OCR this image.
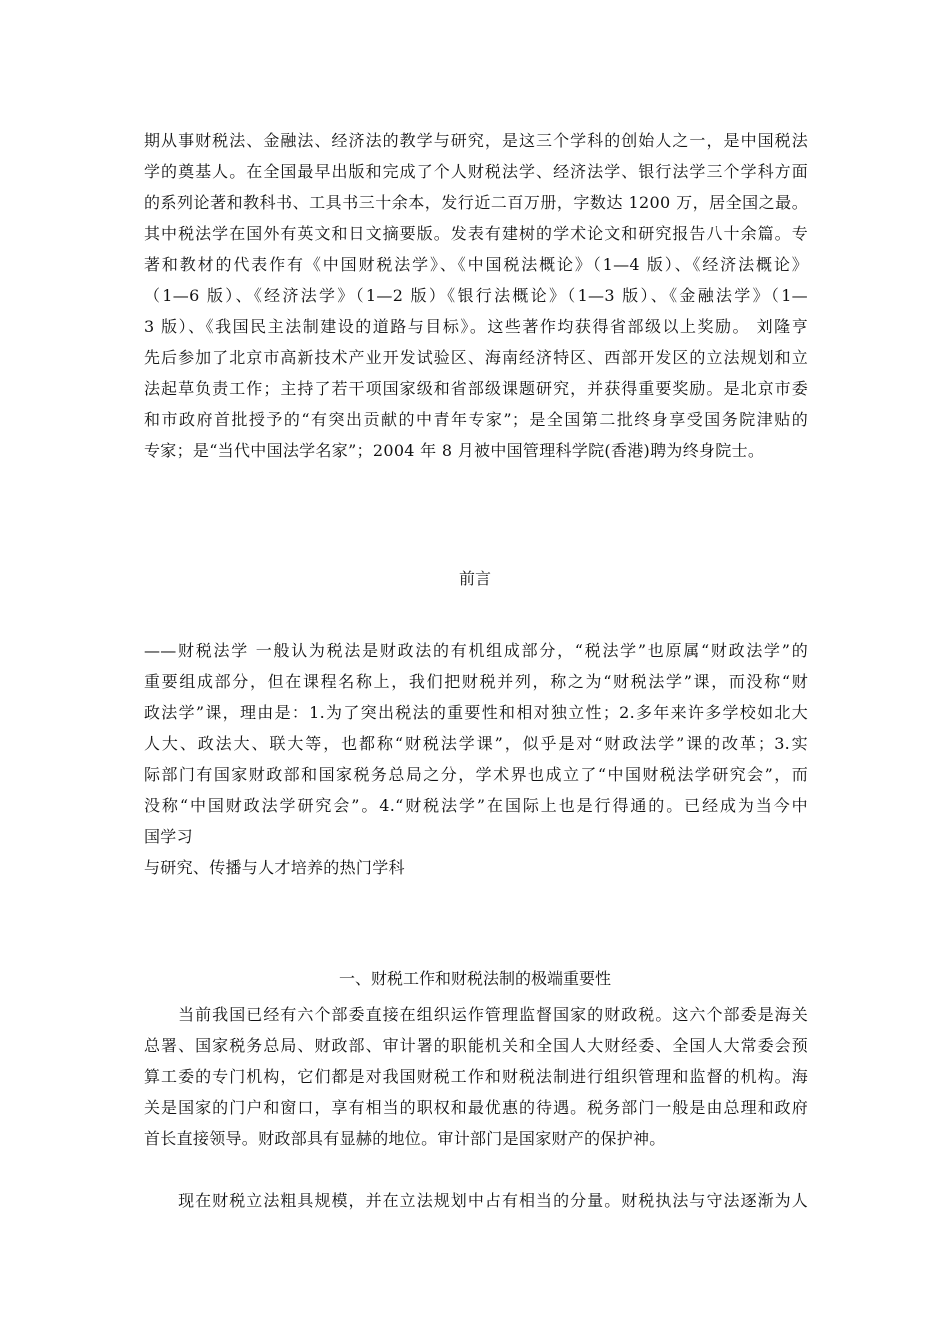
期从事财税法、金融法、经济法的教学与研究，是这三个学科的创始人之一，是中国税法
学的奠基人。在全国最早出版和完成了个人财税法学、经济法学、银行法学三个学科方面
的系列论著和教科书、工具书三十余本，发行近二百万册，字数达 1200 万，居全国之最。
其中税法学在国外有英文和日文摘要版。发表有建树的学术论文和研究报告八十余篇。专
著和教材的代表作有《中国财税法学》、《中国税法概论》（1—4 版）、《经济法概论》
（1—6 版）、《经济法学》（1—2 版）《银行法概论》（1—3 版）、《金融法学》（1—
3 版）、《我国民主法制建设的道路与目标》。这些著作均获得省部级以上奖励。 刘隆亨
先后参加了北京市高新技术产业开发试验区、海南经济特区、西部开发区的立法规划和立
法起草负责工作；主持了若干项国家级和省部级课题研究，并获得重要奖励。是北京市委
和市政府首批授予的“有突出贡献的中青年专家”；是全国第二批终身享受国务院津贴的
专家；是“当代中国法学名家”；2004 年 8 月被中国管理科学院(香港)聘为终身院士。
前言
——财税法学 一般认为税法是财政法的有机组成部分，“税法学”也原属“财政法学”的
重要组成部分，但在课程名称上，我们把财税并列，称之为“财税法学”课，而没称“财
政法学”课，理由是：1.为了突出税法的重要性和相对独立性；2.多年来许多学校如北大
人大、政法大、联大等，也都称“财税法学课”，似乎是对“财政法学”课的改革；3.实
际部门有国家财政部和国家税务总局之分，学术界也成立了“中国财税法学研究会”，而
没称“中国财政法学研究会”。4.“财税法学”在国际上也是行得通的。已经成为当今中
国学习
与研究、传播与人才培养的热门学科
一、财税工作和财税法制的极端重要性
　　当前我国已经有六个部委直接在组织运作管理监督国家的财政税。这六个部委是海关
总署、国家税务总局、财政部、审计署的职能机关和全国人大财经委、全国人大常委会预
算工委的专门机构，它们都是对我国财税工作和财税法制进行组织管理和监督的机构。海
关是国家的门户和窗口，享有相当的职权和最优惠的待遇。税务部门一般是由总理和政府
首长直接领导。财政部具有显赫的地位。审计部门是国家财产的保护神。
　　现在财税立法粗具规模，并在立法规划中占有相当的分量。财税执法与守法逐渐为人
